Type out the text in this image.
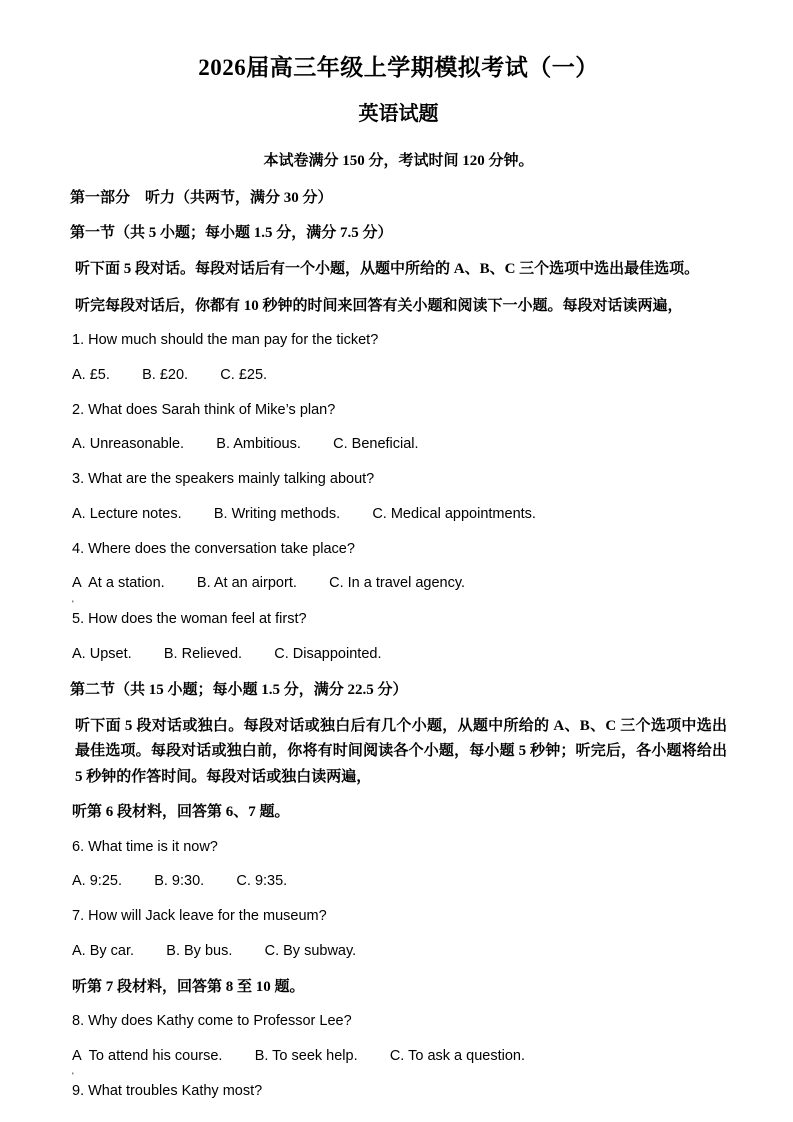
2026届高三年级上学期模拟考试（一）
英语试题

本试卷满分 150 分，考试时间 120 分钟。

第一部分　听力（共两节，满分 30 分）

第一节（共 5 小题；每小题 1.5 分，满分 7.5 分）

听下面 5 段对话。每段对话后有一个小题，从题中所给的 A、B、C 三个选项中选出最佳选项。

听完每段对话后，你都有 10 秒钟的时间来回答有关小题和阅读下一小题。每段对话读两遍，

1. How much should the man pay for the ticket?

A. £5.        B. £20.        C. £25.

2. What does Sarah think of Mike’s plan?

A. Unreasonable.        B. Ambitious.        C. Beneficial.

3. What are the speakers mainly talking about?

A. Lecture notes.        B. Writing methods.        C. Medical appointments.

4. Where does the conversation take place?

A  At a station.        B. At an airport.        C. In a travel agency.

'

5. How does the woman feel at first?

A. Upset.        B. Relieved.        C. Disappointed.

第二节（共 15 小题；每小题 1.5 分，满分 22.5 分）

听下面 5 段对话或独白。每段对话或独白后有几个小题，从题中所给的 A、B、C 三个选项中选出最佳选项。每段对话或独白前，你将有时间阅读各个小题，每小题 5 秒钟；听完后，各小题将给出 5 秒钟的作答时间。每段对话或独白读两遍，

听第 6 段材料，回答第 6、7 题。

6. What time is it now?

A. 9:25.        B. 9:30.        C. 9:35.

7. How will Jack leave for the museum?

A. By car.        B. By bus.        C. By subway.

听第 7 段材料，回答第 8 至 10 题。

8. Why does Kathy come to Professor Lee?

A  To attend his course.        B. To seek help.        C. To ask a question.

'

9. What troubles Kathy most?
